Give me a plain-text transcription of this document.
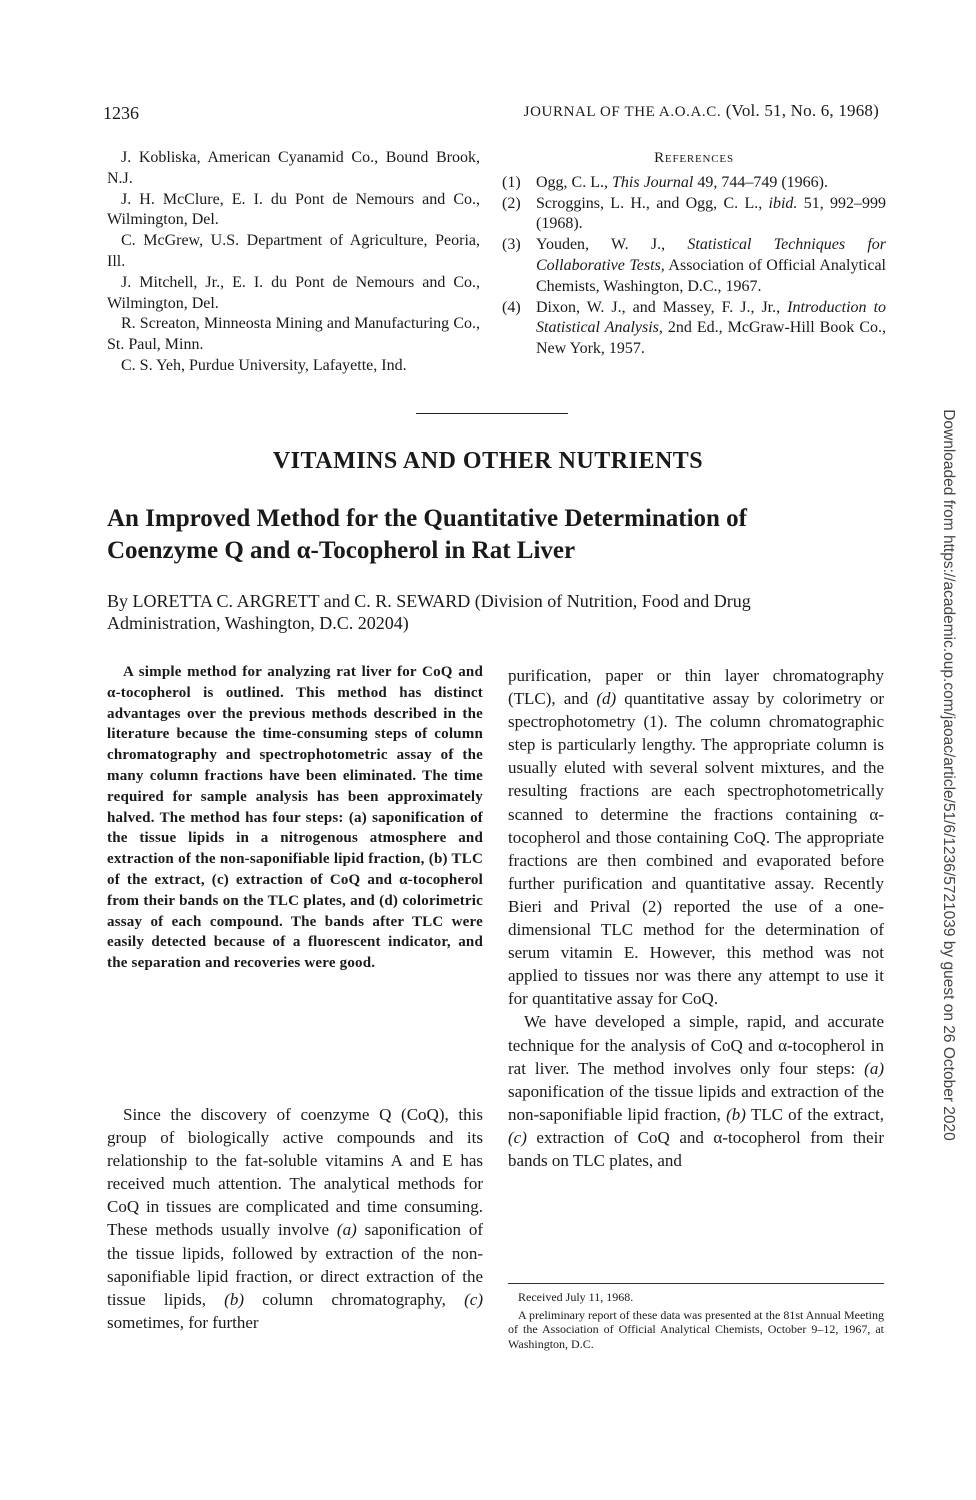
1236	JOURNAL OF THE A.O.A.C. (Vol. 51, No. 6, 1968)

J. Kobliska, American Cyanamid Co., Bound Brook, N.J.

J. H. McClure, E. I. du Pont de Nemours and Co., Wilmington, Del.

C. McGrew, U.S. Department of Agriculture, Peoria, Ill.

J. Mitchell, Jr., E. I. du Pont de Nemours and Co., Wilmington, Del.

R. Screaton, Minneosta Mining and Manufacturing Co., St. Paul, Minn.

C. S. Yeh, Purdue University, Lafayette, Ind.

References
(1) Ogg, C. L., This Journal 49, 744–749 (1966).
(2) Scroggins, L. H., and Ogg, C. L., ibid. 51, 992–999 (1968).
(3) Youden, W. J., Statistical Techniques for Collaborative Tests, Association of Official Analytical Chemists, Washington, D.C., 1967.
(4) Dixon, W. J., and Massey, F. J., Jr., Introduction to Statistical Analysis, 2nd Ed., McGraw-Hill Book Co., New York, 1957.
VITAMINS AND OTHER NUTRIENTS
An Improved Method for the Quantitative Determination of
Coenzyme Q and α-Tocopherol in Rat Liver
By LORETTA C. ARGRETT and C. R. SEWARD (Division of Nutrition, Food and Drug
Administration, Washington, D.C. 20204)

A simple method for analyzing rat liver for CoQ and α-tocopherol is outlined. This method has distinct advantages over the previous methods described in the literature because the time-consuming steps of column chromatography and spectrophotometric assay of the many column fractions have been eliminated. The time required for sample analysis has been approximately halved. The method has four steps: (a) saponification of the tissue lipids in a nitrogenous atmosphere and extraction of the non-saponifiable lipid fraction, (b) TLC of the extract, (c) extraction of CoQ and α-tocopherol from their bands on the TLC plates, and (d) colorimetric assay of each compound. The bands after TLC were easily detected because of a fluorescent indicator, and the separation and recoveries were good.

Since the discovery of coenzyme Q (CoQ), this group of biologically active compounds and its relationship to the fat-soluble vitamins A and E has received much attention. The analytical methods for CoQ in tissues are complicated and time consuming. These methods usually involve (a) saponification of the tissue lipids, followed by extraction of the non-saponifiable lipid fraction, or direct extraction of the tissue lipids, (b) column chromatography, (c) sometimes, for further

purification, paper or thin layer chromatography (TLC), and (d) quantitative assay by colorimetry or spectrophotometry (1). The column chromatographic step is particularly lengthy. The appropriate column is usually eluted with several solvent mixtures, and the resulting fractions are each spectrophotometrically scanned to determine the fractions containing α-tocopherol and those containing CoQ. The appropriate fractions are then combined and evaporated before further purification and quantitative assay. Recently Bieri and Prival (2) reported the use of a one-dimensional TLC method for the determination of serum vitamin E. However, this method was not applied to tissues nor was there any attempt to use it for quantitative assay for CoQ.

We have developed a simple, rapid, and accurate technique for the analysis of CoQ and α-tocopherol in rat liver. The method involves only four steps: (a) saponification of the tissue lipids and extraction of the non-saponifiable lipid fraction, (b) TLC of the extract, (c) extraction of CoQ and α-tocopherol from their bands on TLC plates, and

Received July 11, 1968.

A preliminary report of these data was presented at the 81st Annual Meeting of the Association of Official Analytical Chemists, October 9–12, 1967, at Washington, D.C.

Downloaded from https://academic.oup.com/jaoac/article/51/6/1236/5721039 by guest on 26 October 2020
